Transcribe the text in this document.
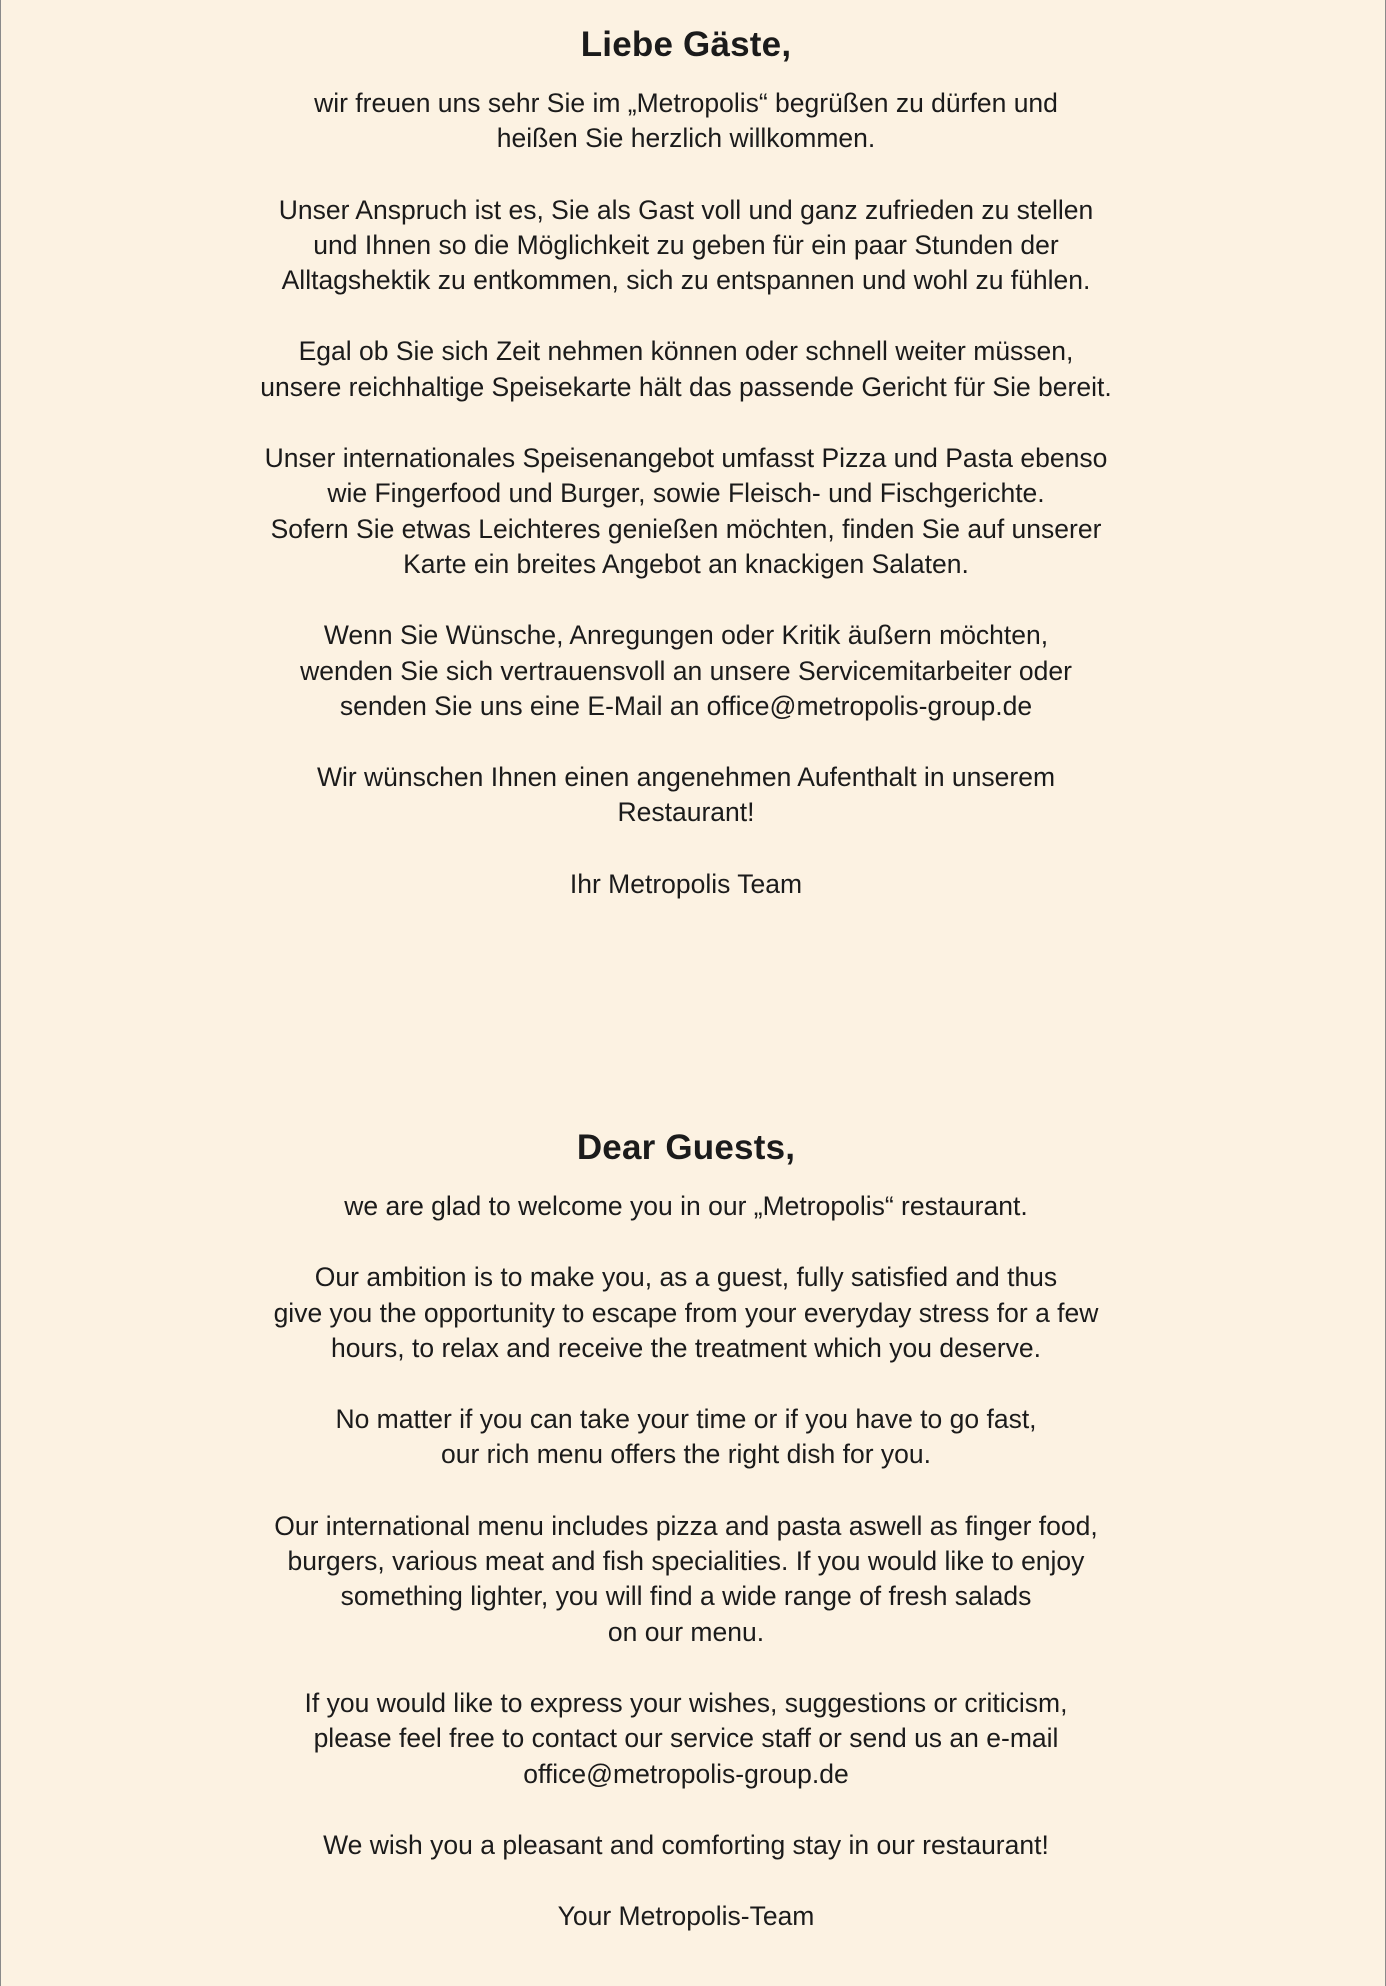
Liebe Gäste,

wir freuen uns sehr Sie im „Metropolis“ begrüßen zu dürfen und
heißen Sie herzlich willkommen.

Unser Anspruch ist es, Sie als Gast voll und ganz zufrieden zu stellen
und Ihnen so die Möglichkeit zu geben für ein paar Stunden der
Alltagshektik zu entkommen, sich zu entspannen und wohl zu fühlen.

Egal ob Sie sich Zeit nehmen können oder schnell weiter müssen,
unsere reichhaltige Speisekarte hält das passende Gericht für Sie bereit.

Unser internationales Speisenangebot umfasst Pizza und Pasta ebenso
wie Fingerfood und Burger, sowie Fleisch- und Fischgerichte.
Sofern Sie etwas Leichteres genießen möchten, finden Sie auf unserer
Karte ein breites Angebot an knackigen Salaten.

Wenn Sie Wünsche, Anregungen oder Kritik äußern möchten,
wenden Sie sich vertrauensvoll an unsere Servicemitarbeiter oder
senden Sie uns eine E-Mail an office@metropolis-group.de

Wir wünschen Ihnen einen angenehmen Aufenthalt in unserem
Restaurant!

Ihr Metropolis Team

Dear Guests,

we are glad to welcome you in our „Metropolis“ restaurant.

Our ambition is to make you, as a guest, fully satisfied and thus
give you the opportunity to escape from your everyday stress for a few
hours, to relax and receive the treatment which you deserve.

No matter if you can take your time or if you have to go fast,
our rich menu offers the right dish for you.

Our international menu includes pizza and pasta aswell as finger food,
burgers, various meat and fish specialities. If you would like to enjoy
something lighter, you will find a wide range of fresh salads
on our menu.

If you would like to express your wishes, suggestions or criticism,
please feel free to contact our service staff or send us an e-mail
office@metropolis-group.de

We wish you a pleasant and comforting stay in our restaurant!

Your Metropolis-Team
